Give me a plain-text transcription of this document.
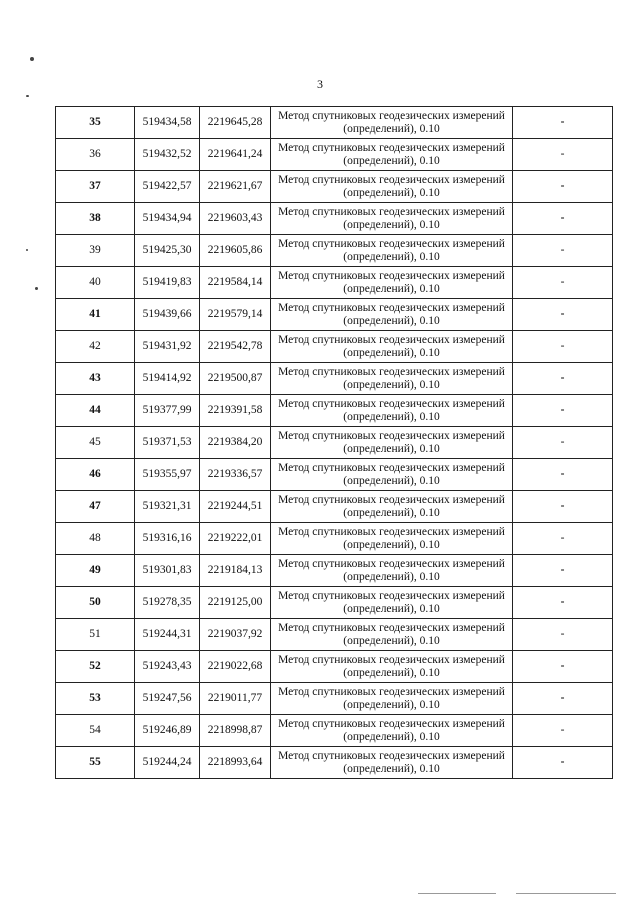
3
35	519434,58	2219645,28	Метод спутниковых геодезических измерений
(определений), 0.10	-
36	519432,52	2219641,24	Метод спутниковых геодезических измерений
(определений), 0.10	-
37	519422,57	2219621,67	Метод спутниковых геодезических измерений
(определений), 0.10	-
38	519434,94	2219603,43	Метод спутниковых геодезических измерений
(определений), 0.10	-
39	519425,30	2219605,86	Метод спутниковых геодезических измерений
(определений), 0.10	-
40	519419,83	2219584,14	Метод спутниковых геодезических измерений
(определений), 0.10	-
41	519439,66	2219579,14	Метод спутниковых геодезических измерений
(определений), 0.10	-
42	519431,92	2219542,78	Метод спутниковых геодезических измерений
(определений), 0.10	-
43	519414,92	2219500,87	Метод спутниковых геодезических измерений
(определений), 0.10	-
44	519377,99	2219391,58	Метод спутниковых геодезических измерений
(определений), 0.10	-
45	519371,53	2219384,20	Метод спутниковых геодезических измерений
(определений), 0.10	-
46	519355,97	2219336,57	Метод спутниковых геодезических измерений
(определений), 0.10	-
47	519321,31	2219244,51	Метод спутниковых геодезических измерений
(определений), 0.10	-
48	519316,16	2219222,01	Метод спутниковых геодезических измерений
(определений), 0.10	-
49	519301,83	2219184,13	Метод спутниковых геодезических измерений
(определений), 0.10	-
50	519278,35	2219125,00	Метод спутниковых геодезических измерений
(определений), 0.10	-
51	519244,31	2219037,92	Метод спутниковых геодезических измерений
(определений), 0.10	-
52	519243,43	2219022,68	Метод спутниковых геодезических измерений
(определений), 0.10	-
53	519247,56	2219011,77	Метод спутниковых геодезических измерений
(определений), 0.10	-
54	519246,89	2218998,87	Метод спутниковых геодезических измерений
(определений), 0.10	-
55	519244,24	2218993,64	Метод спутниковых геодезических измерений
(определений), 0.10	-
